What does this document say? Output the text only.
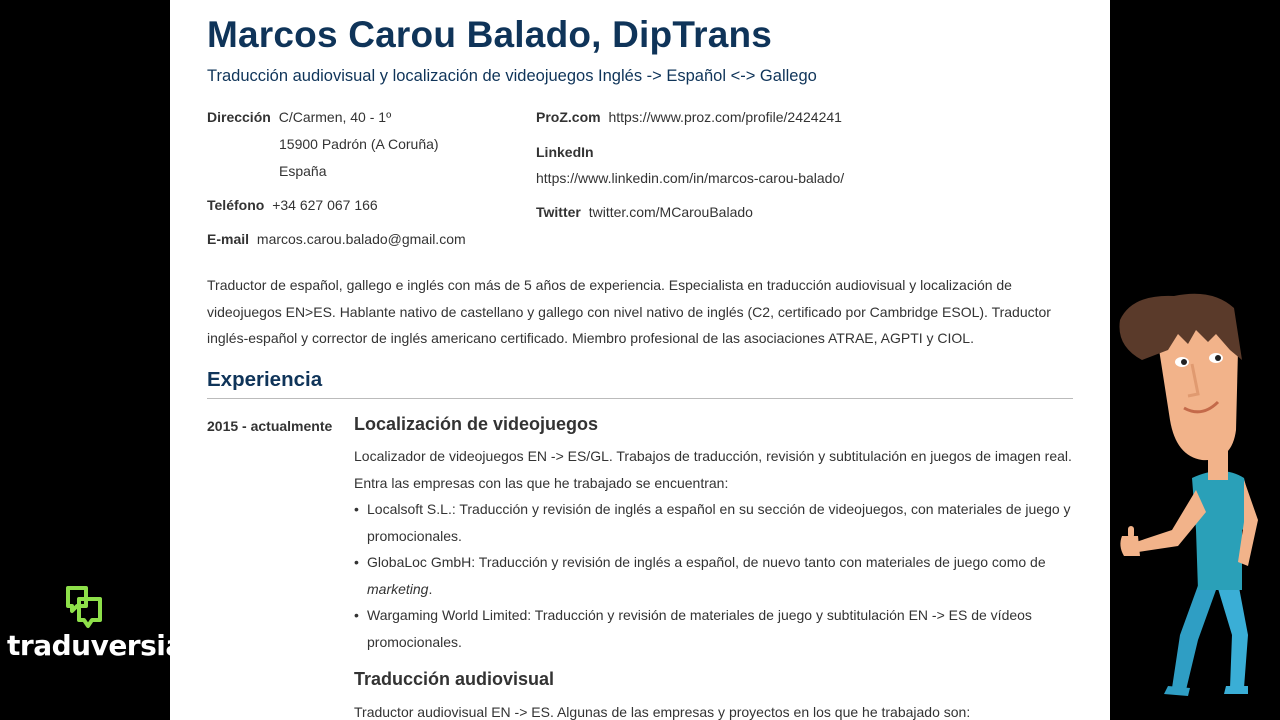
Marcos Carou Balado, DipTrans
Traducción audiovisual y localización de videojuegos Inglés -> Español <-> Gallego
Dirección C/Carmen, 40 - 1º
15900 Padrón (A Coruña)
España
Teléfono +34 627 067 166
E-mail marcos.carou.balado@gmail.com
ProZ.com https://www.proz.com/profile/2424241
LinkedIn
https://www.linkedin.com/in/marcos-carou-balado/
Twitter twitter.com/MCarouBalado
Traductor de español, gallego e inglés con más de 5 años de experiencia. Especialista en traducción audiovisual y localización de videojuegos EN>ES. Hablante nativo de castellano y gallego con nivel nativo de inglés (C2, certificado por Cambridge ESOL). Traductor inglés-español y corrector de inglés americano certificado. Miembro profesional de las asociaciones ATRAE, AGPTI y CIOL.
Experiencia
2015 - actualmente Localización de videojuegos
Localizador de videojuegos EN -> ES/GL. Trabajos de traducción, revisión y subtitulación en juegos de imagen real. Entra las empresas con las que he trabajado se encuentran:
• Localsoft S.L.: Traducción y revisión de inglés a español en su sección de videojuegos, con materiales de juego y promocionales.
• GlobaLoc GmbH: Traducción y revisión de inglés a español, de nuevo tanto con materiales de juego como de marketing.
• Wargaming World Limited: Traducción y revisión de materiales de juego y subtitulación EN -> ES de vídeos promocionales.
Traducción audiovisual
Traductor audiovisual EN -> ES. Algunas de las empresas y proyectos en los que he trabajado son:
traduversia
